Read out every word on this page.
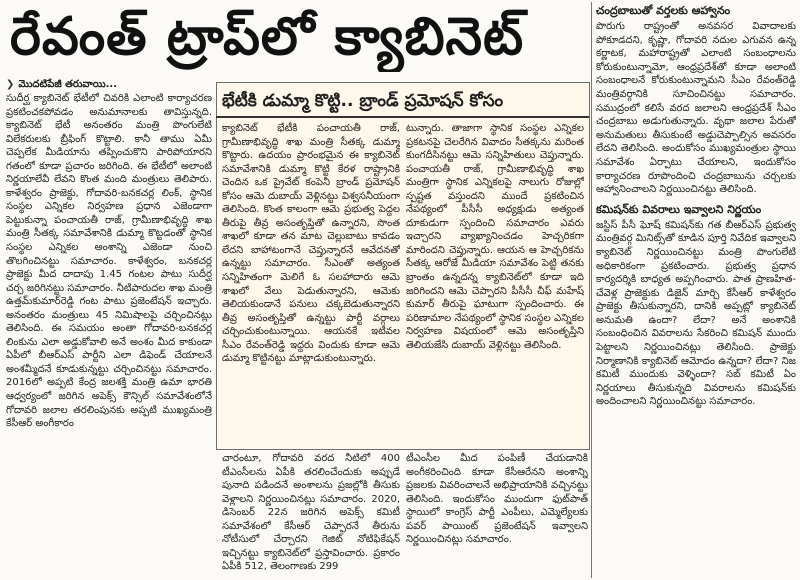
రేవంత్ ట్రాప్‌లో క్యాబినెట్
❯ మొదటిపేజీ తరువాయి...

సుదీర్ఘ క్యాబినెట్ భేటీలో చివరికి ఎలాంటి కార్యాచరణ ప్రకటించకపోవడం అనుమానాలకు తావిస్తున్నది. క్యాబినెట్ భేటీ అనంతరం మంత్రి పొంగులేటి విలేకరులకు బ్రీఫింగ్ కొట్టాలి. కానీ తాము ఏమీ చెప్పలేక మీడియాను తప్పించుకొని పారిపోయారని గతంలో కూడా ప్రచారం జరిగింది. ఈ భేటీలో అలాంటి నిర్ణయాలేవీ లేవని కొంత మంది మంత్రులు తెలిపారు. కాళేశ్వరం ప్రాజెక్టు, గోదావరి-బనకచర్ల లింక్, స్థానిక సంస్థల ఎన్నికల నిర్వహణ ప్రధాన ఎజెండాగా పెట్టుకున్నా పంచాయతీ రాజ్, గ్రామీణాభివృద్ధి శాఖ మంత్రి సీతక్క సమావేశానికి డుమ్మా కొట్టడంతో స్థానిక సంస్థల ఎన్నికల అంశాన్ని ఎజెండా నుంచి తొలగించినట్టు సమాచారం. కాళేశ్వరం, బనకచర్ల ప్రాజెక్టు మీద దాదాపు 1.45 గంటల పాటు సుదీర్ఘ చర్చ జరిగినట్టు సమాచారం. నీటిపారుదల శాఖ మంత్రి ఉత్తమ్‌కుమార్‌రెడ్డి గంట పాటు ప్రజెంటేషన్ ఇచ్చారు. అనంతరం మంత్రులు 45 నిమిషాలపై చర్చించినట్లు తెలిసింది. ఈ సమయం అంతా గోదావరి-బనకచర్ల లింకును ఎలా అడ్డుకోవాలి అనే అంశం మీద కాకుండా ఏపీలో బీఆర్ఎస్ పార్టీని ఎలా డిఫెండ్ చేయాలనే అంశమ్మీదనే కూడుకున్నట్టు చర్చించినట్టు సమాచారం. 2016లో అప్పటి కేంద్ర జలశక్తి మంత్రి ఉమా భారతి ఆధ్వర్యంలో జరిగిన అపెక్స్ కౌన్సిల్ సమావేశంలోనే గోదావరి జలాల తరలింపునకు అప్పటి ముఖ్యమంత్రి కేసీఆర్ అంగీకారం

భేటీకి డుమ్మా కొట్టి.. బ్రాండ్ ప్రమోషన్ కోసం

క్యాబినెట్ భేటీకి పంచాయతీ రాజ్, గ్రామీణాభివృద్ధి శాఖ మంత్రి సీతక్క డుమ్మా కొట్టారు. ఉదయం ప్రారంభమైన ఈ క్యాబినెట్ సమావేశానికి డుమ్మా కొట్టి కేరళ రాష్ట్రానికి చెందిన ఒక ప్రైవేట్ కంపెనీ బ్రాండ్ ప్రమోషన్ కోసం ఆమె దుబాయ్ వెళ్లినట్టు విశ్వసనీయంగా తెలిసింది. కొంత కాలంగా ఆమె ప్రభుత్వ పెద్దల తీరుపై తీవ్ర అసంతృప్తితో ఉన్నారని, సొంత శాఖలో కూడా తన మాట చెల్లుబాటు కావడం లేదని బాహాటంగానే చెప్తున్నారనే ఆవేదనతో ఉన్నట్టు సమాచారం. సీఎంతో అత్యంత సన్నిహితంగా మెలిగే ఓ సలహాదారు ఆమె శాఖలో వేలు పెడుతున్నారని, ఆమెకు తెలియకుండానే పనులు చక్కబెడుతున్నారని తీవ్ర అసంతృప్తితో ఉన్నట్టు పార్టీ వర్గాలు చర్చించుకుంటున్నాయి. ఆయనకే ఇటీవల సీఎం రేవంత్‌రెడ్డి ఇద్దరు విందుకు కూడా ఆమె డుమ్మా కొట్టినట్టు మాట్లాడుకుంటున్నారు.

టున్నారు. తాజాగా స్థానిక సంస్థల ఎన్నికల ప్రకటనపై చెలరేగిన వివాదం సీతక్కను మరింత కుంగదీసినట్టు ఆమె సన్నిహితులు చెప్తున్నారు. పంచాయతీ రాజ్, గ్రామీణాభివృద్ధి శాఖ మంత్రిగా స్థానిక ఎన్నికలపై నాలుగు రోజుల్లో స్పష్టత వస్తుందని ముందే ప్రకటించిన నేపథ్యంలో పీసీసీ అధ్యక్షుడు అత్యంత దూకుడుగా స్పందించి సమాచారం ఎవరు ఇచ్చారని వ్యాఖ్యానించడం హెచ్చరికగా మారిందని చెప్తున్నారు. ఆయన ఆ హెచ్చరికను సీతక్క ఆరోజే మీడియా సమావేశం పెట్టి తనకు బ్రాంతం ఉన్నదన్న క్యాబినెట్‌లో కూడా ఇది జరిగిందని ఆమె చెప్పారని పీసీసీ చీఫ్ మహేష్ కుమార్ తీరుపై ఘాటుగా స్పందించారు. ఈ పరిణామాల నేపథ్యంలో స్థానిక సంస్థల ఎన్నికల నిర్వహణ విషయంలో ఆమె అసంతృప్తిని తెలియజేసి దుబాయ్ వెళ్లినట్టు తెలిసింది.

చారంటూ, గోదావరి వరద నీటిలో 400 టీఎంసీలను ఏపీకి తరలించేందుకు అప్పుడే పునాది పడిందనే అంశాలను ప్రజల్లోకి తీసుకు వెళ్లాలని నిర్ణయించినట్లు సమాచారం. 2020, డిసెంబర్ 22న జరిగిన అపెక్స్ కమిటీ సమావేశంలో కేసీఆర్ చెప్పారనే తీరును నోటీసులో చేర్చారని గెజిట్ నోటిఫికేషన్ ఇచ్చినట్టు క్యాబినెట్‌లో ప్రస్తావించారు. ప్రకారం ఏపీకి 512, తెలంగాణకు 299

టీఎంసీల మీద పంపిణీ చేయడానికి అంగీకరించింది కూడా కేసీఆరేనని అంశాన్ని ప్రజలకు వివరించాలనే అభిప్రాయానికి వచ్చినట్టు తెలిసింది. ఇందుకోసం ముందుగా ఫుట్‌పాత్ స్థాయిలో కాంగ్రెస్ పార్టీ ఎంపీలు, ఎమ్మెల్యేలకు పవర్ పాయింట్ ప్రజెంటేషన్ ఇవ్వాలని నిర్ణయించినట్లు సమాచారం.

చంద్రబాబుతో వర్తలకు ఆహ్వానం

పొరుగు రాష్ట్రంతో అనవసర వివాదాలకు పోకూడదని, కృష్ణా, గోదావరి నదుల ఎగువన ఉన్న కర్ణాటక, మహారాష్ట్రతో ఎలాంటి సంబంధాలను కోరుకుంటున్నామో, ఆంధ్రప్రదేశ్‌తో కూడా అలాంటి సంబంధాలనే కోరుకుంటున్నామని సీఎం రేవంత్‌రెడ్డి మంత్రివర్గానికి సూచించినట్టు సమాచారం. సముద్రంలో కలిసే వరద జలాలని ఆంధ్రప్రదేశ్ సీఎం చంద్రబాబు అడుగుతున్నారు. వృథా జలాల పేరుతో అనుమతులు తీసుకుంటే అడ్డుచెప్పాల్సిన అవసరం లేదని తెలిసింది. అందుకోసం ముఖ్యమంత్రుల స్థాయి సమావేశం ఏర్పాటు చేయాలని, ఇందుకోసం కార్యాచరణ రూపొందించి చంద్రబాబును చర్చలకు ఆహ్వానించాలని నిర్ణయించినట్టు తెలిసింది.

కమిషన్‌కు వివరాలు ఇవ్వాలని నిర్ణయం

జస్టిస్ పీసీ ఘోష్ కమిషన్‌కు గత బీఆర్ఎస్ ప్రభుత్వ మంత్రివర్గ మినిట్స్‌తో కూడిన పూర్తి నివేదిక ఇవ్వాలని క్యాబినెట్ నిర్ణయించినట్టు మంత్రి పొంగులేటి అధికారికంగా ప్రకటించారు. ప్రభుత్వ ప్రధాన కార్యదర్శికి బాధ్యత అప్పగించారు. పాత ప్రాణహిత-చేవెళ్ల ప్రాజెక్టుకు డిజైన్ మార్చి కేసీఆర్ కాళేశ్వరం ప్రాజెక్టు తీసుకున్నారని, దానికి అప్పట్లో క్యాబినెట్ అనుమతి ఉందా? లేదా? అనే అంశానికి సంబంధించిన వివరాలను సేకరించి కమిషన్ ముందు పెట్టాలని నిర్ణయించినట్లు తెలిసింది. ప్రాజెక్టు నిర్మాణానికి క్యాబినెట్ ఆమోదం ఉన్నదా? లేదా? నిజ కమిటీ ముందుకు వెళ్ళిందా? సబ్ కమిటీ ఏం నిర్ణయాలు తీసుకున్నది వివరాలను కమిషన్‌కు అందించాలని నిర్ణయించినట్టు సమాచారం.
